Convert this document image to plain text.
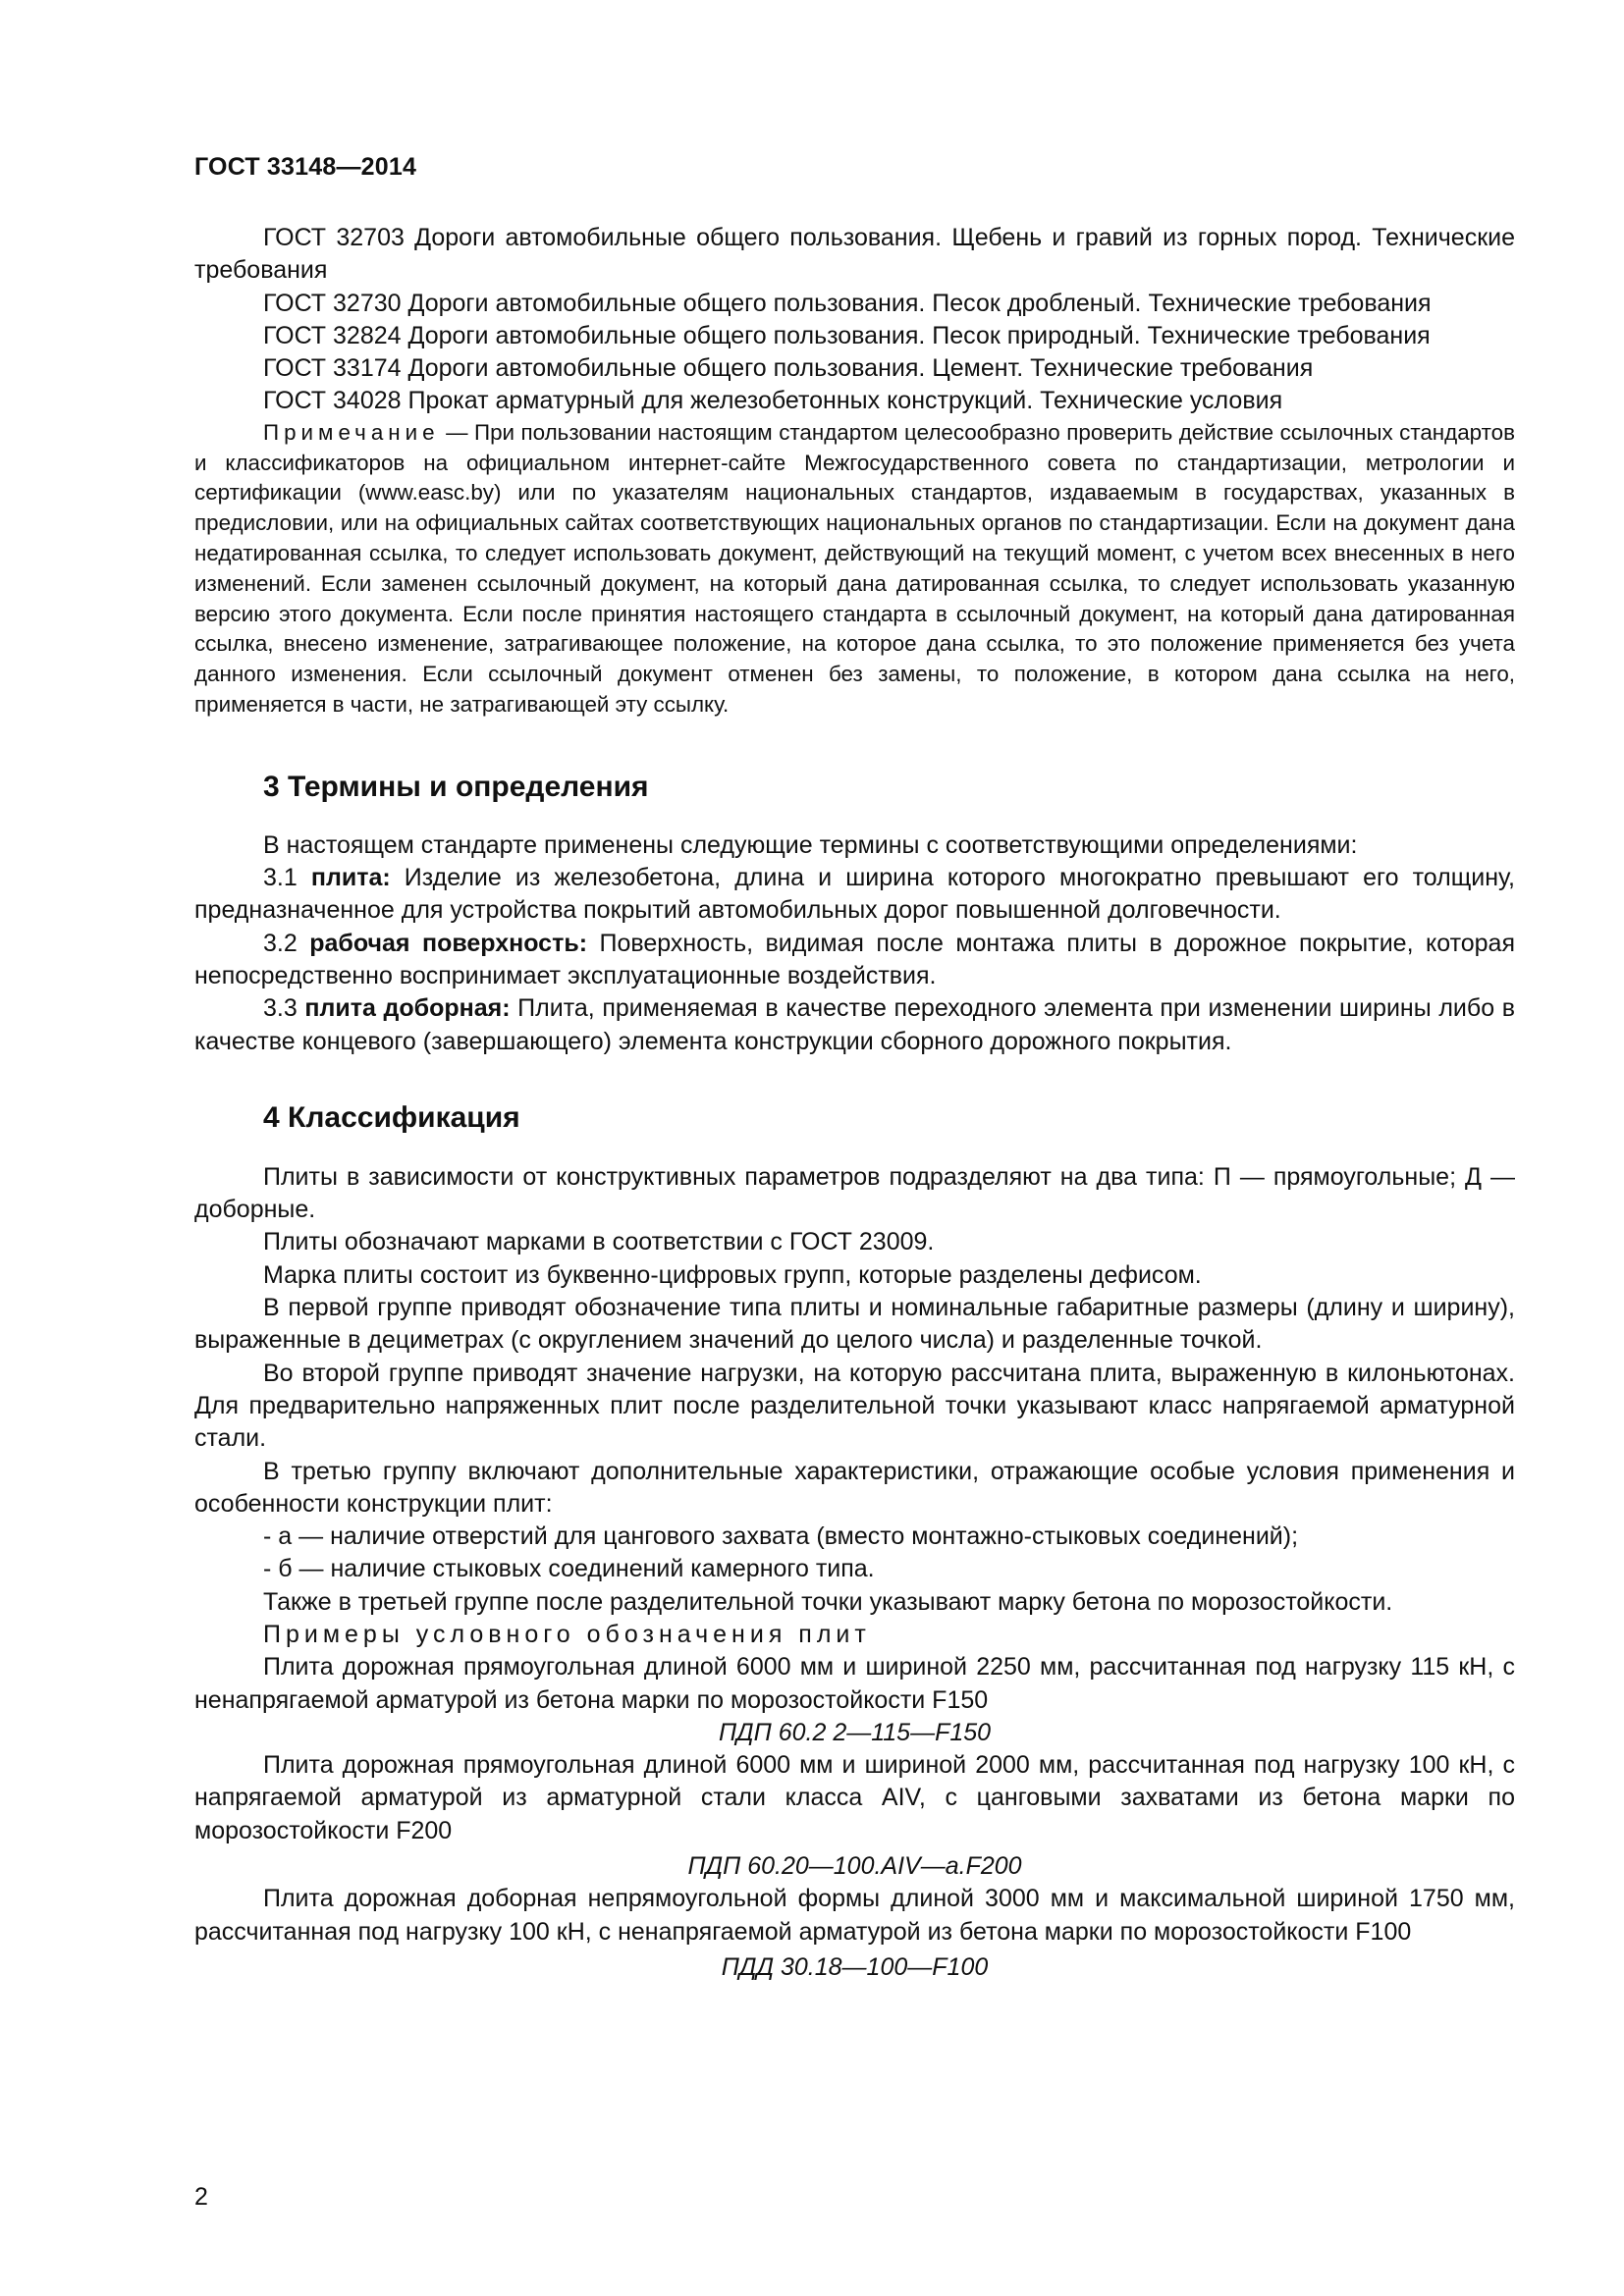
ГОСТ 33148—2014

ГОСТ 32703 Дороги автомобильные общего пользования. Щебень и гравий из горных пород. Технические требования

ГОСТ 32730 Дороги автомобильные общего пользования. Песок дробленый. Технические требования

ГОСТ 32824 Дороги автомобильные общего пользования. Песок природный. Технические требования

ГОСТ 33174 Дороги автомобильные общего пользования. Цемент. Технические требования

ГОСТ 34028 Прокат арматурный для железобетонных конструкций. Технические условия

Примечание — При пользовании настоящим стандартом целесообразно проверить действие ссылочных стандартов и классификаторов на официальном интернет-сайте Межгосударственного совета по стандартизации, метрологии и сертификации (www.easc.by) или по указателям национальных стандартов, издаваемым в государствах, указанных в предисловии, или на официальных сайтах соответствующих национальных органов по стандартизации. Если на документ дана недатированная ссылка, то следует использовать документ, действующий на текущий момент, с учетом всех внесенных в него изменений. Если заменен ссылочный документ, на который дана датированная ссылка, то следует использовать указанную версию этого документа. Если после принятия настоящего стандарта в ссылочный документ, на который дана датированная ссылка, внесено изменение, затрагивающее положение, на которое дана ссылка, то это положение применяется без учета данного изменения. Если ссылочный документ отменен без замены, то положение, в котором дана ссылка на него, применяется в части, не затрагивающей эту ссылку.

3 Термины и определения

В настоящем стандарте применены следующие термины с соответствующими определениями:

3.1 плита: Изделие из железобетона, длина и ширина которого многократно превышают его толщину, предназначенное для устройства покрытий автомобильных дорог повышенной долговечности.

3.2 рабочая поверхность: Поверхность, видимая после монтажа плиты в дорожное покрытие, которая непосредственно воспринимает эксплуатационные воздействия.

3.3 плита доборная: Плита, применяемая в качестве переходного элемента при изменении ширины либо в качестве концевого (завершающего) элемента конструкции сборного дорожного покрытия.

4 Классификация

Плиты в зависимости от конструктивных параметров подразделяют на два типа: П — прямоугольные; Д — доборные.

Плиты обозначают марками в соответствии с ГОСТ 23009.

Марка плиты состоит из буквенно-цифровых групп, которые разделены дефисом.

В первой группе приводят обозначение типа плиты и номинальные габаритные размеры (длину и ширину), выраженные в дециметрах (с округлением значений до целого числа) и разделенные точкой.

Во второй группе приводят значение нагрузки, на которую рассчитана плита, выраженную в килоньютонах. Для предварительно напряженных плит после разделительной точки указывают класс напрягаемой арматурной стали.

В третью группу включают дополнительные характеристики, отражающие особые условия применения и особенности конструкции плит:

- а — наличие отверстий для цангового захвата (вместо монтажно-стыковых соединений);

- б — наличие стыковых соединений камерного типа.

Также в третьей группе после разделительной точки указывают марку бетона по морозостойкости.

Примеры условного обозначения плит

Плита дорожная прямоугольная длиной 6000 мм и шириной 2250 мм, рассчитанная под нагрузку 115 кН, с ненапрягаемой арматурой из бетона марки по морозостойкости F150

ПДП 60.2 2—115—F150

Плита дорожная прямоугольная длиной 6000 мм и шириной 2000 мм, рассчитанная под нагрузку 100 кН, с напрягаемой арматурой из арматурной стали класса AIV, с цанговыми захватами из бетона марки по морозостойкости F200

ПДП 60.20—100.AIV—a.F200

Плита дорожная доборная непрямоугольной формы длиной 3000 мм и максимальной шириной 1750 мм, рассчитанная под нагрузку 100 кН, с ненапрягаемой арматурой из бетона марки по морозостойкости F100

ПДД 30.18—100—F100

2
